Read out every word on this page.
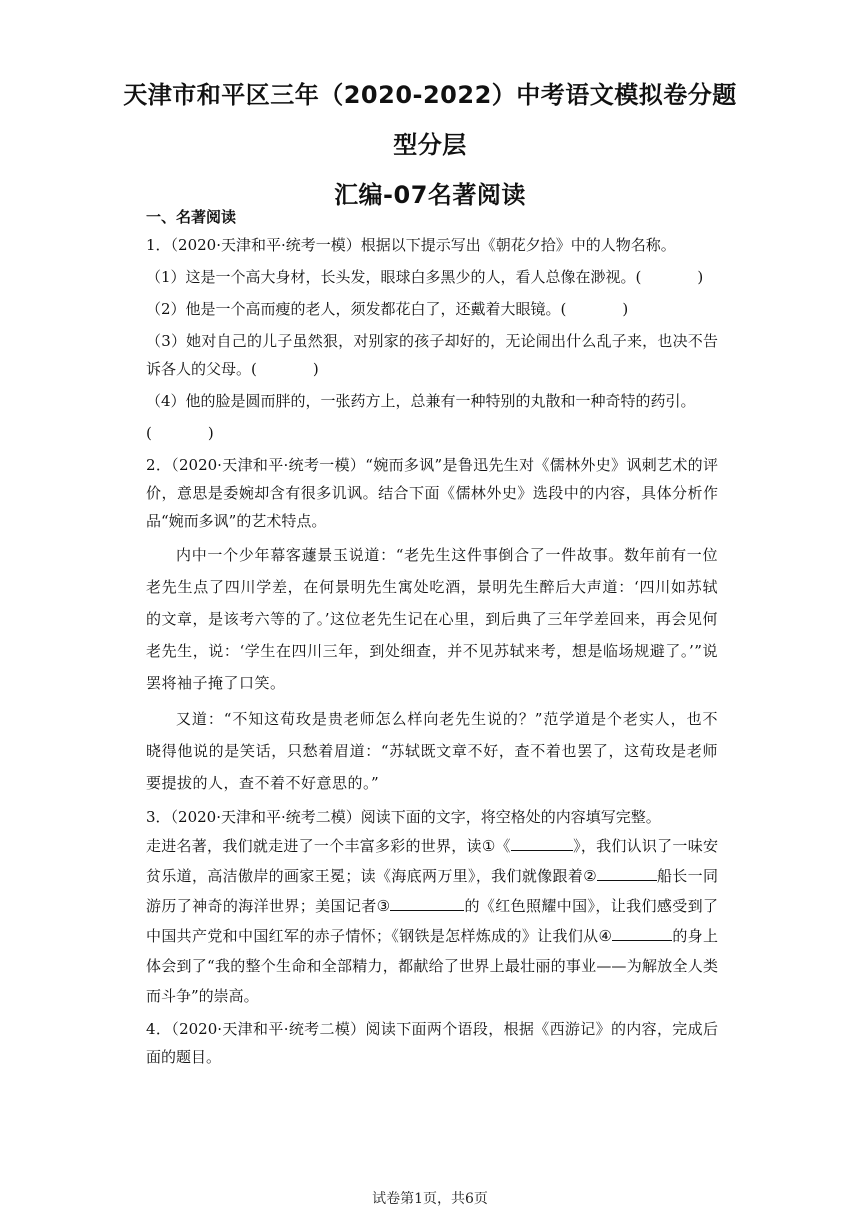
天津市和平区三年（2020-2022）中考语文模拟卷分题型分层
汇编-07名著阅读
一、名著阅读

1．（2020·天津和平·统考一模）根据以下提示写出《朝花夕拾》中的人物名称。

（1）这是一个高大身材，长头发，眼球白多黑少的人，看人总像在渺视。(	)

（2）他是一个高而瘦的老人，须发都花白了，还戴着大眼镜。(	)

（3）她对自己的儿子虽然狠，对别家的孩子却好的，无论闹出什么乱子来，也决不告诉各人的父母。(	)

（4）他的脸是圆而胖的，一张药方上，总兼有一种特别的丸散和一种奇特的药引。

(	)

2．（2020·天津和平·统考一模）“婉而多讽”是鲁迅先生对《儒林外史》讽刺艺术的评价，意思是委婉却含有很多讥讽。结合下面《儒林外史》选段中的内容，具体分析作品“婉而多讽”的艺术特点。

内中一个少年幕客蘧景玉说道：“老先生这件事倒合了一件故事。数年前有一位老先生点了四川学差，在何景明先生寓处吃酒，景明先生醉后大声道：‘四川如苏轼的文章，是该考六等的了。’这位老先生记在心里，到后典了三年学差回来，再会见何老先生，说：‘学生在四川三年，到处细查，并不见苏轼来考，想是临场规避了。’”说罢将袖子掩了口笑。

又道：“不知这荀玫是贵老师怎么样向老先生说的？”范学道是个老实人，也不晓得他说的是笑话，只愁着眉道：“苏轼既文章不好，查不着也罢了，这荀玫是老师要提拔的人，查不着不好意思的。”

3．（2020·天津和平·统考二模）阅读下面的文字，将空格处的内容填写完整。

走进名著，我们就走进了一个丰富多彩的世界，读①《	》，我们认识了一味安贫乐道，高洁傲岸的画家王冕；读《海底两万里》，我们就像跟着②	船长一同游历了神奇的海洋世界；美国记者③	的《红色照耀中国》，让我们感受到了中国共产党和中国红军的赤子情怀；《钢铁是怎样炼成的》让我们从④	的身上体会到了“我的整个生命和全部精力，都献给了世界上最壮丽的事业——为解放全人类而斗争”的崇高。

4．（2020·天津和平·统考二模）阅读下面两个语段，根据《西游记》的内容，完成后面的题目。

试卷第1页，共6页
